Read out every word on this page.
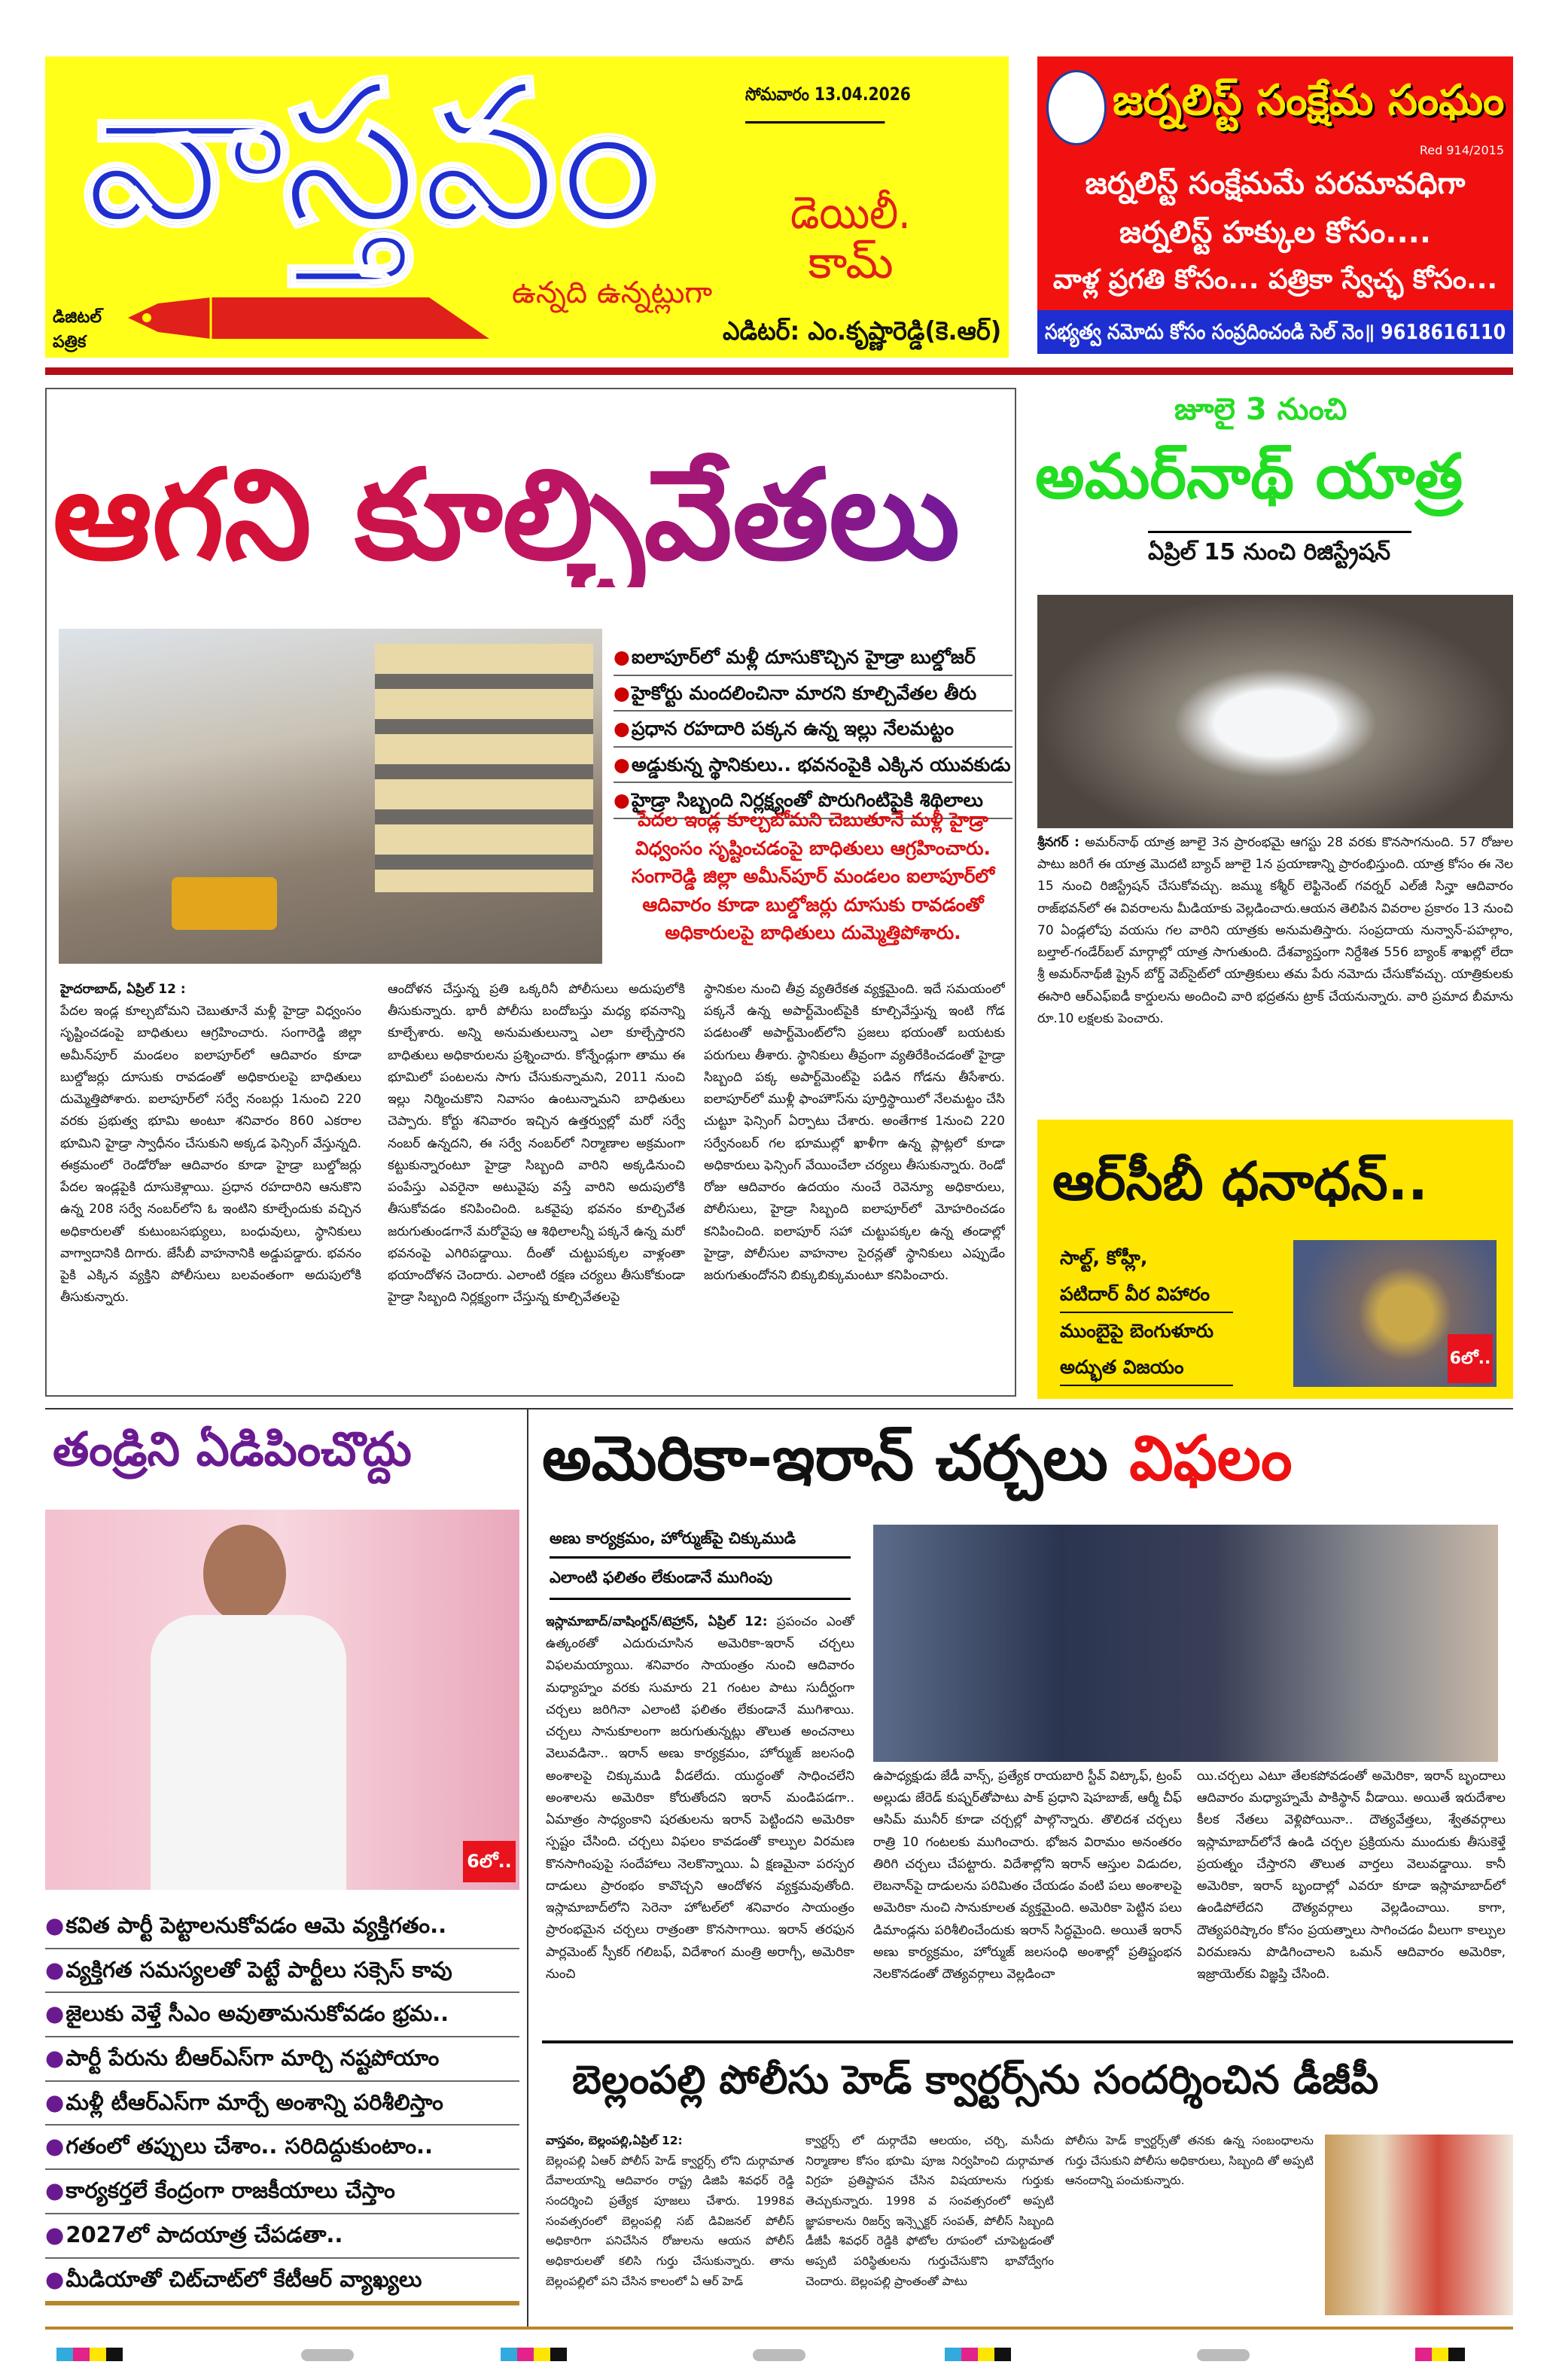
వాస్తవం	సోమవారం 13.04.2026
డెయిలీ.
కామ్
ఉన్నది ఉన్నట్లుగా
డిజిటల్
పత్రిక	ఎడిటర్: ఎం.కృష్ణారెడ్డి(కె.ఆర్)
జర్నలిస్ట్ సంక్షేమ సంఘం
Red 914/2015
జర్నలిస్ట్ సంక్షేమమే పరమావధిగా
జర్నలిస్ట్ హక్కుల కోసం....
వాళ్ల ప్రగతి కోసం... పత్రికా స్వేచ్ఛ కోసం...
సభ్యత్వ నమోదు కోసం సంప్రదించండి సెల్ నెం॥ 9618616110
ఆగని కూల్చివేతలు
● ఐలాపూర్‌లో మళ్లీ దూసుకొచ్చిన హైడ్రా బుల్డోజర్
● హైకోర్టు మందలించినా మారని కూల్చివేతల తీరు
● ప్రధాన రహదారి పక్కన ఉన్న ఇల్లు నేలమట్టం
● అడ్డుకున్న స్థానికులు.. భవనంపైకి ఎక్కిన యువకుడు
● హైడ్రా సిబ్బంది నిర్లక్ష్యంతో పొరుగింటిపైకి శిథిలాలు
పేదల ఇండ్ల కూల్చబోమని చెబుతూనే మళ్లీ హైడ్రా విధ్వంసం సృష్టించడంపై బాధితులు ఆగ్రహించారు. సంగారెడ్డి జిల్లా అమీన్‌పూర్ మండలం ఐలాపూర్‌లో ఆదివారం కూడా బుల్డోజర్లు దూసుకు రావడంతో అధికారులపై బాధితులు దుమ్మెత్తిపోశారు.
హైదరాబాద్, ఏప్రిల్ 12 :
పేదల ఇండ్ల కూల్చబోమని చెబుతూనే మళ్లీ హైడ్రా విధ్వంసం సృష్టించడంపై బాధితులు ఆగ్రహించారు. సంగారెడ్డి జిల్లా అమీన్‌పూర్ మండలం ఐలాపూర్‌లో ఆదివారం కూడా బుల్డోజర్లు దూసుకు రావడంతో అధికారులపై బాధితులు దుమ్మెత్తిపోశారు. ఐలాపూర్‌లో సర్వే నంబర్లు 1నుంచి 220 వరకు ప్రభుత్వ భూమి అంటూ శనివారం 860 ఎకరాల భూమిని హైడ్రా స్వాధీనం చేసుకుని అక్కడ ఫెన్సింగ్ వేస్తున్నది. ఈక్రమంలో రెండోరోజు ఆదివారం కూడా హైడ్రా బుల్డోజర్లు పేదల ఇండ్లపైకి దూసుకెళ్లాయి. ప్రధాన రహదారిని ఆనుకొని ఉన్న 208 సర్వే నంబర్‌లోని ఓ ఇంటిని కూల్చేందుకు వచ్చిన అధికారులతో కుటుంబసభ్యులు, బంధువులు, స్థానికులు వాగ్వాదానికి దిగారు. జేసీబీ వాహనానికి అడ్డుపడ్డారు. భవనం పైకి ఎక్కిన వ్యక్తిని పోలీసులు బలవంతంగా అదుపులోకి తీసుకున్నారు.
ఆందోళన చేస్తున్న ప్రతి ఒక్కరినీ పోలీసులు అదుపులోకి తీసుకున్నారు. భారీ పోలీసు బందోబస్తు మధ్య భవనాన్ని కూల్చేశారు. అన్ని అనుమతులున్నా ఎలా కూల్చేస్తారని బాధితులు అధికారులను ప్రశ్నించారు. కోన్నేండ్లుగా తాము ఈ భూమిలో పంటలను సాగు చేసుకున్నామని, 2011 నుంచి ఇల్లు నిర్మించుకొని నివాసం ఉంటున్నామని బాధితులు చెప్పారు. కోర్టు శనివారం ఇచ్చిన ఉత్తర్వుల్లో మరో సర్వే నంబర్ ఉన్నదని, ఈ సర్వే నంబర్‌లో నిర్మాణాల అక్రమంగా కట్టుకున్నారంటూ హైడ్రా సిబ్బంది వారిని అక్కడినుంచి పంపేస్తు ఎవరైనా అటువైపు వస్తే వారిని అదుపులోకి తీసుకోవడం కనిపించింది. ఒకవైపు భవనం కూల్చివేత జరుగుతుండగానే మరోవైపు ఆ శిథిలాలన్నీ పక్కనే ఉన్న మరో భవనంపై ఎగిరిపడ్డాయి. దీంతో చుట్టుపక్కల వాళ్లంతా భయాందోళన చెందారు. ఎలాంటి రక్షణ చర్యలు తీసుకోకుండా హైడ్రా సిబ్బంది నిర్లక్ష్యంగా చేస్తున్న కూల్చివేతలపై
స్థానికుల నుంచి తీవ్ర వ్యతిరేకత వ్యక్తమైంది. ఇదే సమయంలో పక్కనే ఉన్న అపార్ట్‌మెంట్‌పైకి కూల్చివేస్తున్న ఇంటి గోడ పడటంతో అపార్ట్‌మెంట్‌లోని ప్రజలు భయంతో బయటకు పరుగులు తీశారు. స్థానికులు తీవ్రంగా వ్యతిరేకించడంతో హైడ్రా సిబ్బంది పక్క అపార్ట్‌మెంట్‌పై పడిన గోడను తీసేశారు. ఐలాపూర్‌లో ముళ్లీ ఫాంహౌస్‌ను పూర్తిస్థాయిలో నేలమట్టం చేసి చుట్టూ ఫెన్సింగ్ ఏర్పాటు చేశారు. అంతేగాక 1నుంచి 220 సర్వేనంబర్ గల భూముల్లో ఖాళీగా ఉన్న ప్లాట్లలో కూడా అధికారులు ఫెన్సింగ్ వేయించేలా చర్యలు తీసుకున్నారు. రెండో రోజు ఆదివారం ఉదయం నుంచే రెవెన్యూ అధికారులు, పోలీసులు, హైడ్రా సిబ్బంది ఐలాపూర్‌లో మోహరించడం కనిపించింది. ఐలాపూర్ సహా చుట్టుపక్కల ఉన్న తండాల్లో హైడ్రా, పోలీసుల వాహనాల సైరన్లతో స్థానికులు ఎప్పుడేం జరుగుతుందోనని బిక్కుబిక్కుమంటూ కనిపించారు.
జూలై 3 నుంచి
అమర్‌నాథ్ యాత్ర
ఏప్రిల్ 15 నుంచి రిజిస్ట్రేషన్
శ్రీనగర్ : అమర్‌నాథ్ యాత్ర జూలై 3న ప్రారంభమై ఆగస్టు 28 వరకు కొనసాగనుంది. 57 రోజుల పాటు జరిగే ఈ యాత్ర మొదటి బ్యాచ్ జూలై 1న ప్రయాణాన్ని ప్రారంభిస్తుంది. యాత్ర కోసం ఈ నెల 15 నుంచి రిజిస్ట్రేషన్ చేసుకోవచ్చు. జమ్ము కశ్మీర్ లెఫ్టినెంట్ గవర్నర్ ఎల్‌జీ సిన్హా ఆదివారం రాజ్‌భవన్‌లో ఈ వివరాలను మీడియాకు వెల్లడించారు.ఆయన తెలిపిన వివరాల ప్రకారం 13 నుంచి 70 ఏండ్లలోపు వయసు గల వారిని యాత్రకు అనుమతిస్తారు. సంప్రదాయ నున్వాన్-పహల్గాం, బల్తాల్-గండేర్‌బల్ మార్గాల్లో యాత్ర సాగుతుంది. దేశవ్యాప్తంగా నిర్దేశిత 556 బ్యాంక్ శాఖల్లో లేదా శ్రీ అమర్‌నాథ్‌జీ ష్రైన్ బోర్డ్ వెబ్‌సైట్‌లో యాత్రికులు తమ పేరు నమోదు చేసుకోవచ్చు. యాత్రికులకు ఈసారి ఆర్‌ఎఫ్‌ఐడీ కార్డులను అందించి వారి భద్రతను ట్రాక్ చేయనున్నారు. వారి ప్రమాద బీమాను రూ.10 లక్షలకు పెంచారు.
ఆర్‌సీబీ ధనాధన్..
సాల్ట్, కోహ్లీ,
పటిదార్ వీర విహారం
ముంబైపై బెంగుళూరు
అద్భుత విజయం	6లో..
తండ్రిని ఏడిపించొద్దు
6లో..
● కవిత పార్టీ పెట్టాలనుకోవడం ఆమె వ్యక్తిగతం..
● వ్యక్తిగత సమస్యలతో పెట్టే పార్టీలు సక్సెస్ కావు
● జైలుకు వెళ్తే సీఎం అవుతామనుకోవడం భ్రమ..
● పార్టీ పేరును బీఆర్‌ఎస్‌గా మార్చి నష్టపోయాం
● మళ్లీ టీఆర్‌ఎస్‌గా మార్చే అంశాన్ని పరిశీలిస్తాం
● గతంలో తప్పులు చేశాం.. సరిదిద్దుకుంటాం..
● కార్యకర్తలే కేంద్రంగా రాజకీయాలు చేస్తాం
● 2027లో పాదయాత్ర చేపడతా..
● మీడియాతో చిట్‌చాట్‌లో కేటీఆర్ వ్యాఖ్యలు
అమెరికా-ఇరాన్ చర్చలు విఫలం
అణు కార్యక్రమం, హోర్ముజ్‌పై చిక్కుముడి
ఎలాంటి ఫలితం లేకుండానే ముగింపు
ఇస్లామాబాద్/వాషింగ్టన్/టెహ్రాన్, ఏప్రిల్ 12: ప్రపంచం ఎంతో ఉత్కంఠతో ఎదురుచూసిన అమెరికా-ఇరాన్ చర్చలు విఫలమయ్యాయి. శనివారం సాయంత్రం నుంచి ఆదివారం మధ్యాహ్నం వరకు సుమారు 21 గంటల పాటు సుదీర్ఘంగా చర్చలు జరిగినా ఎలాంటి ఫలితం లేకుండానే ముగిశాయి. చర్చలు సానుకూలంగా జరుగుతున్నట్లు తొలుత అంచనాలు వెలువడినా.. ఇరాన్ అణు కార్యక్రమం, హోర్ముజ్ జలసంధి అంశాలపై చిక్కుముడి వీడలేదు. యుద్ధంతో సాధించలేని అంశాలను అమెరికా కోరుతోందని ఇరాన్ మండిపడగా.. ఏమాత్రం సాధ్యంకాని షరతులను ఇరాన్ పెట్టిందని అమెరికా స్పష్టం చేసింది. చర్చలు విఫలం కావడంతో కాల్పుల విరమణ కొనసాగింపుపై సందేహాలు నెలకొన్నాయి. ఏ క్షణమైనా పరస్పర దాడులు ప్రారంభం కావొచ్చని ఆందోళన వ్యక్తమవుతోంది. ఇస్లామాబాద్‌లోని సెరెనా హోటల్‌లో శనివారం సాయంత్రం ప్రారంభమైన చర్చలు రాత్రంతా కొనసాగాయి. ఇరాన్ తరఫున పార్లమెంట్ స్పీకర్ గలిబఫ్, విదేశాంగ మంత్రి అరాగ్చీ, అమెరికా నుంచి
ఉపాధ్యక్షుడు జేడీ వాన్స్, ప్రత్యేక రాయబారి స్టీవ్ విట్కాఫ్, ట్రంప్ అల్లుడు జేరెడ్ కుష్నర్‌తోపాటు పాక్ ప్రధాని షెహబాజ్, ఆర్మీ చీఫ్ ఆసిమ్ మునీర్ కూడా చర్చల్లో పాల్గొన్నారు. తొలిదశ చర్చలు రాత్రి 10 గంటలకు ముగించారు. భోజన విరామం అనంతరం తిరిగి చర్చలు చేపట్టారు. విదేశాల్లోని ఇరాన్ ఆస్తుల విడుదల, లెబనాన్‌పై దాడులను పరిమితం చేయడం వంటి పలు అంశాలపై అమెరికా నుంచి సానుకూలత వ్యక్తమైంది. అమెరికా పెట్టిన పలు డిమాండ్లను పరిశీలించేందుకు ఇరాన్ సిద్ధమైంది. అయితే ఇరాన్ అణు కార్యక్రమం, హోర్ముజ్ జలసంధి అంశాల్లో ప్రతిష్టంభన నెలకొనడంతో దౌత్యవర్గాలు వెల్లడించా
యి.చర్చలు ఎటూ తేలకపోవడంతో అమెరికా, ఇరాన్ బృందాలు ఆదివారం మధ్యాహ్నమే పాకిస్థాన్ వీడాయి. అయితే ఇరుదేశాల కీలక నేతలు వెళ్లిపోయినా.. దౌత్యవేత్తలు, శ్వేతవర్గాలు ఇస్లామాబాద్‌లోనే ఉండి చర్చల ప్రక్రియను ముందుకు తీసుకెళ్తే ప్రయత్నం చేస్తారని తొలుత వార్తలు వెలువడ్డాయి. కానీ అమెరికా, ఇరాన్ బృందాల్లో ఎవరూ కూడా ఇస్లామాబాద్‌లో ఉండిపోలేదని దౌత్యవర్గాలు వెల్లడించాయి. కాగా, దౌత్యపరిష్కారం కోసం ప్రయత్నాలు సాగించడం వీలుగా కాల్పుల విరమణను పొడిగించాలని ఒమన్ ఆదివారం అమెరికా, ఇజ్రాయెల్‌కు విజ్ఞప్తి చేసింది.
బెల్లంపల్లి పోలీసు హెడ్ క్వార్టర్స్‌ను సందర్శించిన డీజీపీ
వాస్తవం, బెల్లంపల్లి,ఏప్రిల్ 12:
బెల్లంపల్లి ఏఆర్ పోలీస్ హెడ్ క్వార్టర్స్ లోని దుర్గామాత దేవాలయాన్ని ఆదివారం రాష్ట్ర డిజిపి శివధర్ రెడ్డి సందర్శించి ప్రత్యేక పూజలు చేశారు. 1998వ సంవత్సరంలో బెల్లంపల్లి సబ్ డివిజనల్ పోలీస్ అధికారిగా పనిచేసిన రోజులను ఆయన పోలీస్ అధికారులతో కలిసి గుర్తు చేసుకున్నారు. తాను బెల్లంపల్లిలో పని చేసిన కాలంలో ఏ ఆర్ హెడ్
క్వార్టర్స్ లో దుర్గాదేవి ఆలయం, చర్చి, మసీదు నిర్మాణాల కోసం భూమి పూజ నిర్వహించి దుర్గామాత విగ్రహ ప్రతిష్టాపన చేసిన విషయాలను గుర్తుకు తెచ్చుకున్నారు. 1998 వ సంవత్సరంలో అప్పటి జ్ఞాపకాలను రిజర్వ్ ఇన్స్పెక్టర్ సంపత్, పోలీస్ సిబ్బంది డీజీపీ శివధర్ రెడ్డికి ఫోటోల రూపంలో చూపెట్టడంతో అప్పటి పరిస్థితులను గుర్తుచేసుకొని భావోద్వేగం చెందారు. బెల్లంపల్లి ప్రాంతంతో పాటు
పోలీసు హెడ్ క్వార్టర్స్‌తో తనకు ఉన్న సంబంధాలను గుర్తు చేసుకుని పోలీసు అధికారులు, సిబ్బంది తో అప్పటి ఆనందాన్ని పంచుకున్నారు.
